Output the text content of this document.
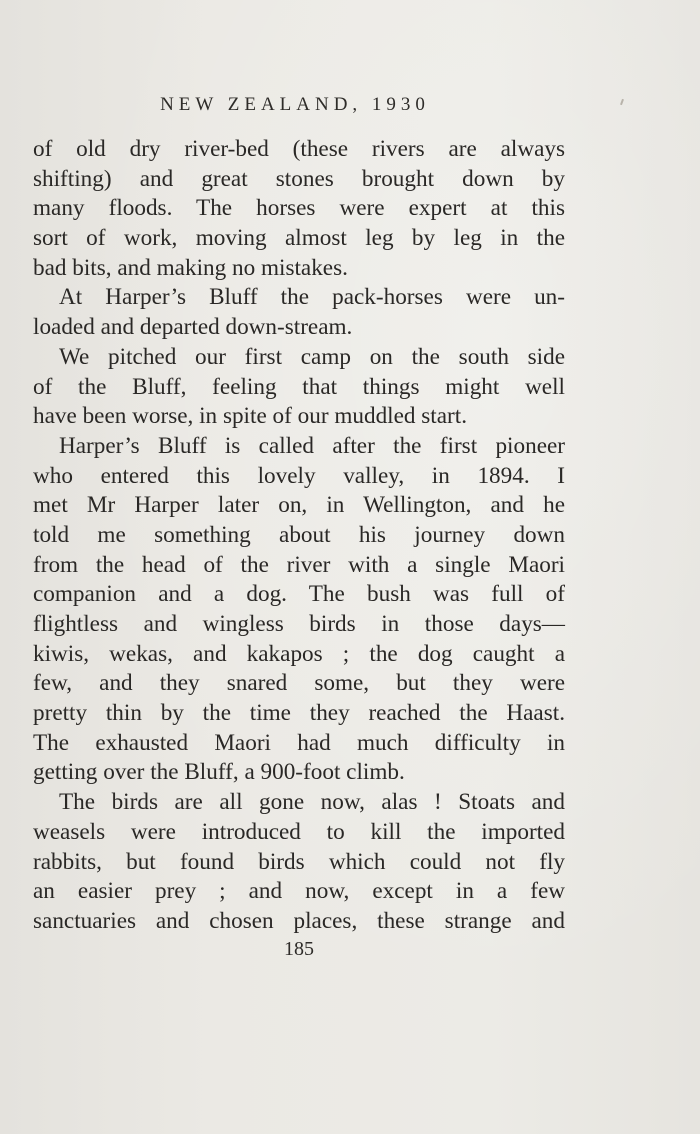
NEW ZEALAND, 1930
of old dry river-bed (these rivers are always
shifting) and great stones brought down by
many floods. The horses were expert at this
sort of work, moving almost leg by leg in the
bad bits, and making no mistakes.
At Harper’s Bluff the pack-horses were un-
loaded and departed down-stream.
We pitched our first camp on the south side
of the Bluff, feeling that things might well
have been worse, in spite of our muddled start.
Harper’s Bluff is called after the first pioneer
who entered this lovely valley, in 1894. I
met Mr Harper later on, in Wellington, and he
told me something about his journey down
from the head of the river with a single Maori
companion and a dog. The bush was full of
flightless and wingless birds in those days—
kiwis, wekas, and kakapos ; the dog caught a
few, and they snared some, but they were
pretty thin by the time they reached the Haast.
The exhausted Maori had much difficulty in
getting over the Bluff, a 900-foot climb.
The birds are all gone now, alas ! Stoats and
weasels were introduced to kill the imported
rabbits, but found birds which could not fly
an easier prey ; and now, except in a few
sanctuaries and chosen places, these strange and
185
